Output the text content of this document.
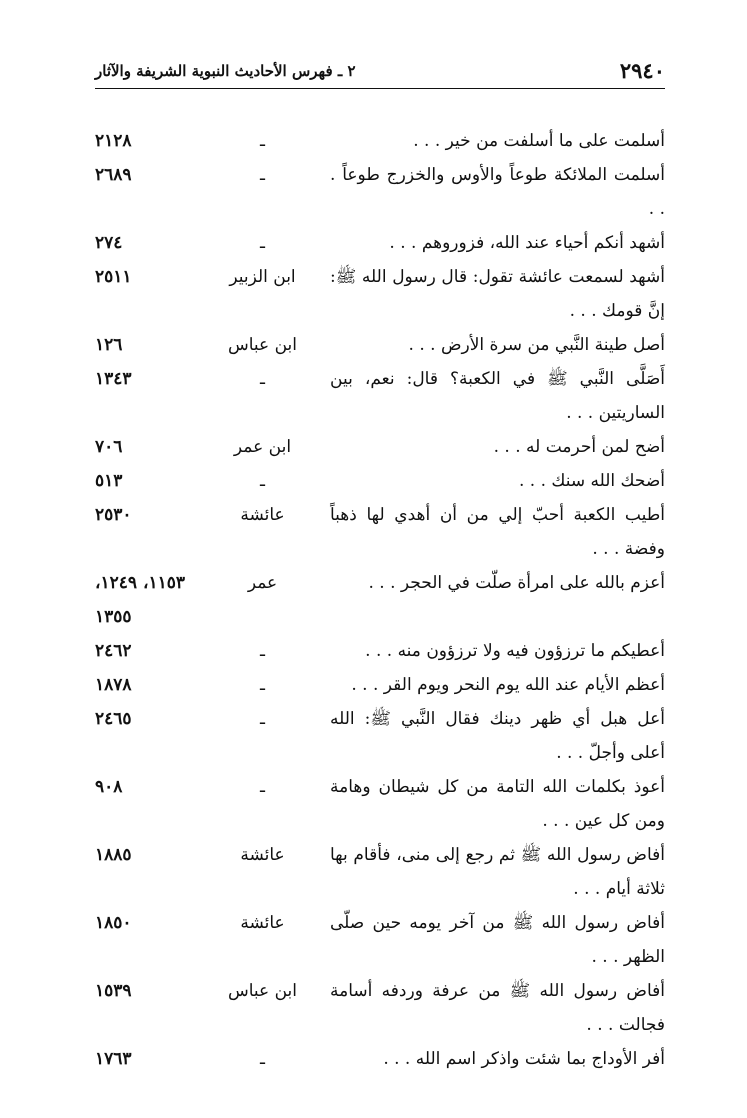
٢٩٤٠
٢ ـ فهرس الأحاديث النبوية الشريفة والآثار
أسلمت على ما أسلفت من خير . . .
ـ
٢١٢٨
أسلمت الملائكة طوعاً والأوس والخزرج طوعاً . . .
ـ
٢٦٨٩
أشهد أنكم أحياء عند الله، فزوروهم . . .
ـ
٢٧٤
أشهد لسمعت عائشة تقول: قال رسول الله ﷺ: إنَّ قومك . . .
ابن الزبير
٢٥١١
أصل طينة النَّبي من سرة الأرض . . .
ابن عباس
١٢٦
أَصَلَّى النَّبي ﷺ في الكعبة؟ قال: نعم، بين الساريتين . . .
ـ
١٣٤٣
أضح لمن أحرمت له . . .
ابن عمر
٧٠٦
أضحك الله سنك . . .
ـ
٥١٣
أطيب الكعبة أحبّ إلي من أن أهدي لها ذهباً وفضة . . .
عائشة
٢٥٣٠
أعزم بالله على امرأة صلّت في الحجر . . .
عمر
١١٥٣، ١٢٤٩، ١٣٥٥
أعطيكم ما ترزؤون فيه ولا ترزؤون منه . . .
ـ
٢٤٦٢
أعظم الأيام عند الله يوم النحر ويوم القر . . .
ـ
١٨٧٨
أعل هبل أي ظهر دينك فقال النَّبي ﷺ: الله أعلى وأجلّ . . .
ـ
٢٤٦٥
أعوذ بكلمات الله التامة من كل شيطان وهامة ومن كل عين . . .
ـ
٩٠٨
أفاض رسول الله ﷺ ثم رجع إلى منى، فأقام بها ثلاثة أيام . . .
عائشة
١٨٨٥
أفاض رسول الله ﷺ من آخر يومه حين صلّى الظهر . . .
عائشة
١٨٥٠
أفاض رسول الله ﷺ من عرفة وردفه أسامة فجالت . . .
ابن عباس
١٥٣٩
أفر الأوداج بما شئت واذكر اسم الله . . .
ـ
١٧٦٣
